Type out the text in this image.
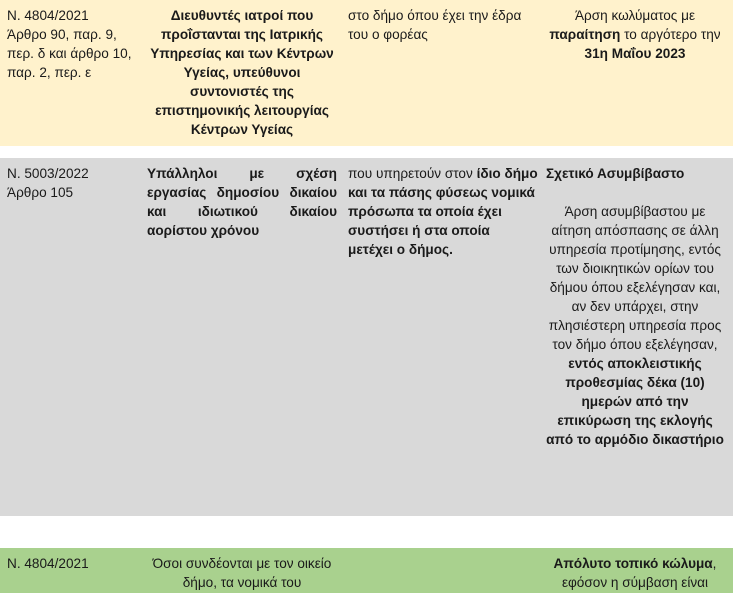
Ν. 4804/2021

Άρθρο 90, παρ. 9, περ. δ και άρθρο 10, παρ. 2, περ. ε

Διευθυντές ιατροί που προΐστανται της Ιατρικής Υπηρεσίας και των Κέντρων Υγείας, υπεύθυνοι συντονιστές της επιστημονικής λειτουργίας Κέντρων Υγείας

στο δήμο όπου έχει την έδρα του ο φορέας

Άρση κωλύματος με παραίτηση το αργότερο την 31η Μαΐου 2023

Ν. 5003/2022

Άρθρο 105

Υπάλληλοι με σχέση εργασίας δημοσίου δικαίου και ιδιωτικού δικαίου αορίστου χρόνου

που υπηρετούν στον ίδιο δήμο και τα πάσης φύσεως νομικά πρόσωπα τα οποία έχει συστήσει ή στα οποία μετέχει ο δήμος.

Σχετικό Ασυμβίβαστο

Άρση ασυμβίβαστου με αίτηση απόσπασης σε άλλη υπηρεσία προτίμησης, εντός των διοικητικών ορίων του δήμου όπου εξελέγησαν και, αν δεν υπάρχει, στην πλησιέστερη υπηρεσία προς τον δήμο όπου εξελέγησαν,

εντός αποκλειστικής προθεσμίας δέκα (10) ημερών από την επικύρωση της εκλογής από το αρμόδιο δικαστήριο

Ν. 4804/2021	Όσοι συνδέονται με τον οικείο δήμο, τα νομικά του

Απόλυτο τοπικό κώλυμα, εφόσον η σύμβαση είναι
